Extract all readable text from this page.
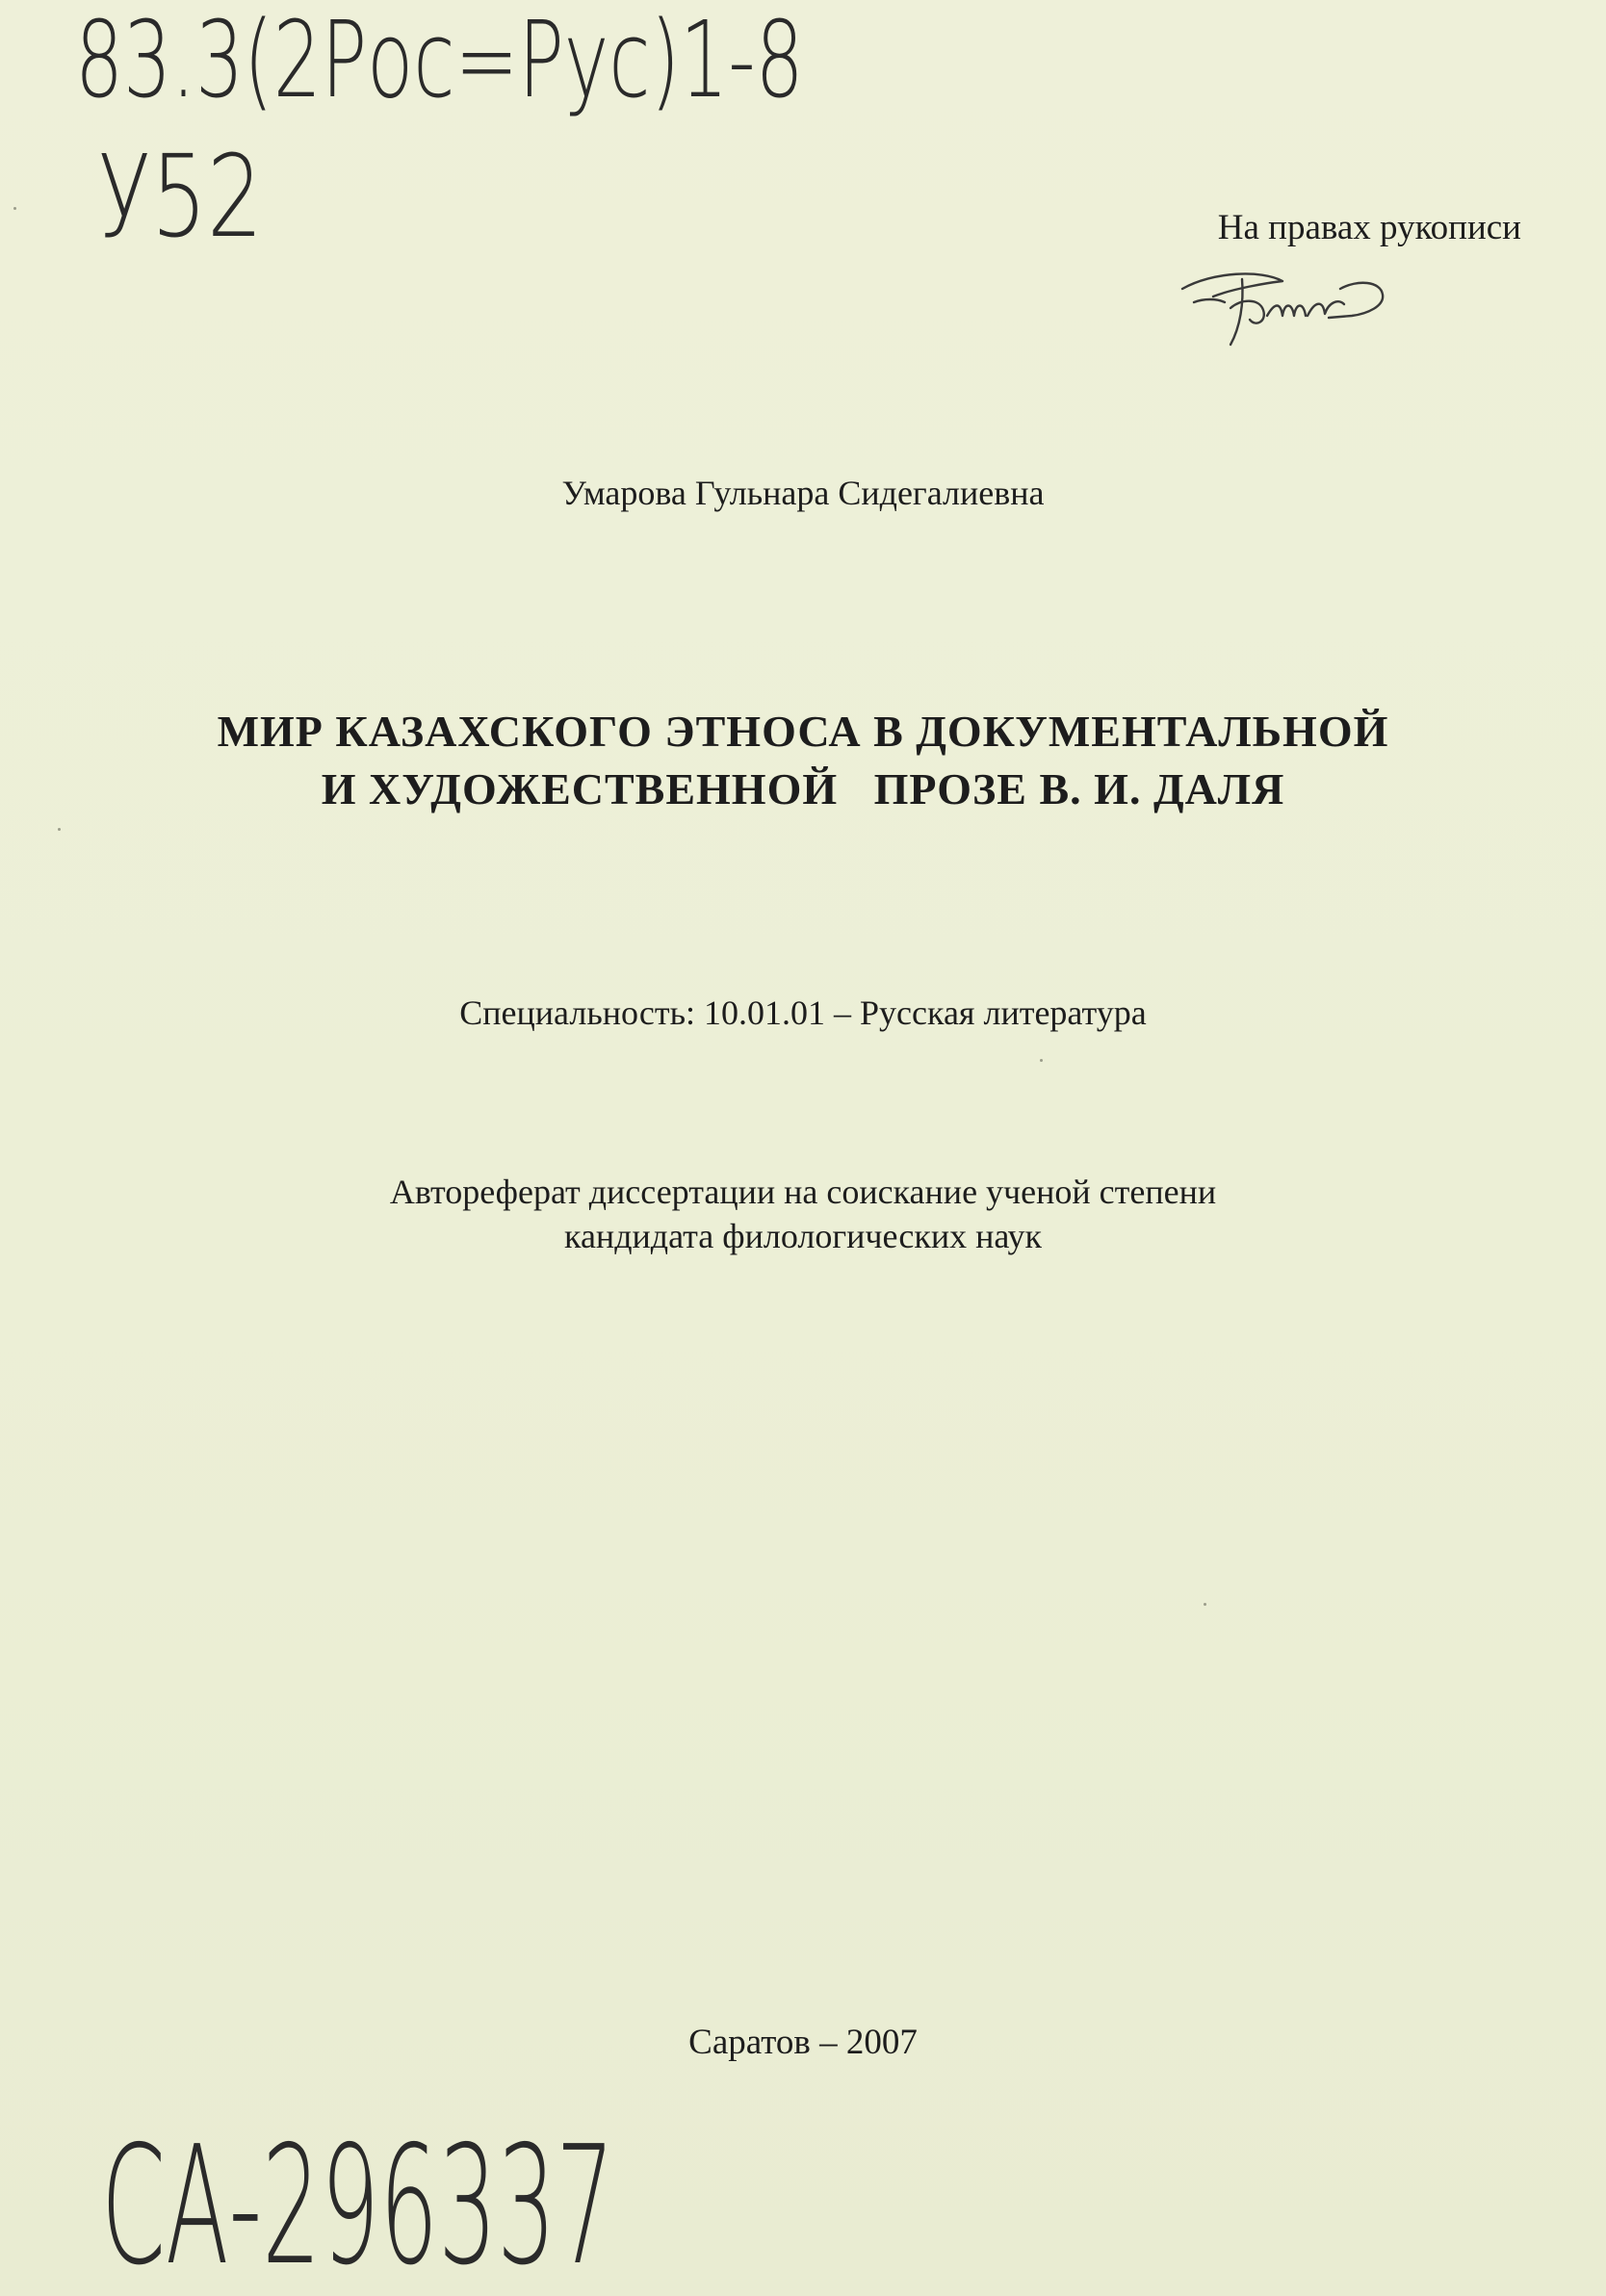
83.3(2Рос=Рус)1-8
У52	На правах рукописи
Умарова Гульнара Сидегалиевна
МИР КАЗАХСКОГО ЭТНОСА В ДОКУМЕНТАЛЬНОЙ
И ХУДОЖЕСТВЕННОЙ   ПРОЗЕ В. И. ДАЛЯ
Специальность: 10.01.01 – Русская литература
Автореферат диссертации на соискание ученой степени
кандидата филологических наук
Саратов – 2007
СА-296337
